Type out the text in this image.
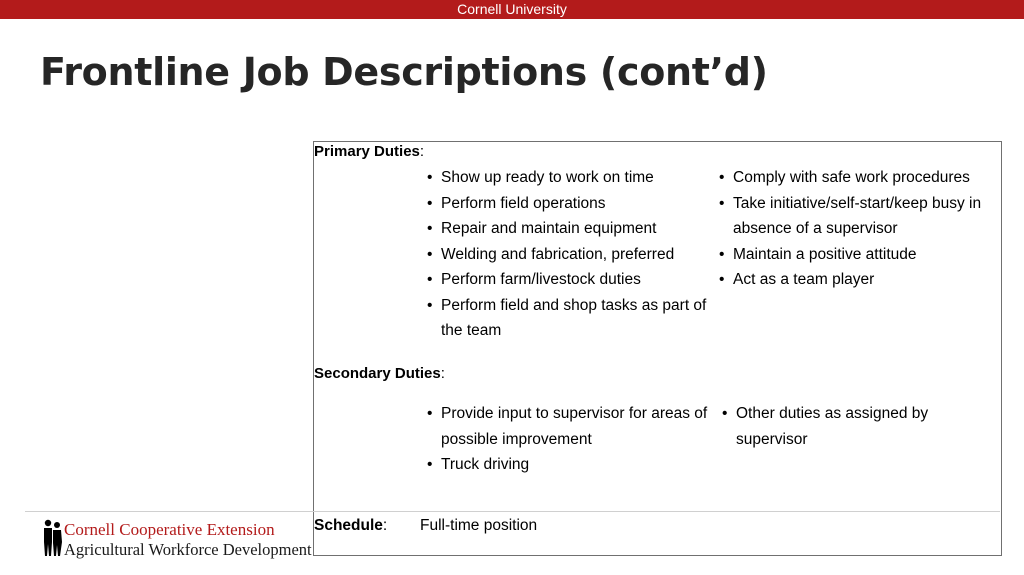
Cornell University
Frontline Job Descriptions (cont’d)
Primary Duties:
• Show up ready to work on time
• Perform field operations
• Repair and maintain equipment
• Welding and fabrication, preferred
• Perform farm/livestock duties
• Perform field and shop tasks as part of the team
• Comply with safe work procedures
• Take initiative/self-start/keep busy in absence of a supervisor
• Maintain a positive attitude
• Act as a team player
Secondary Duties:
• Provide input to supervisor for areas of possible improvement
• Truck driving
• Other duties as assigned by supervisor
Schedule: Full-time position
Cornell Cooperative Extension
Agricultural Workforce Development
